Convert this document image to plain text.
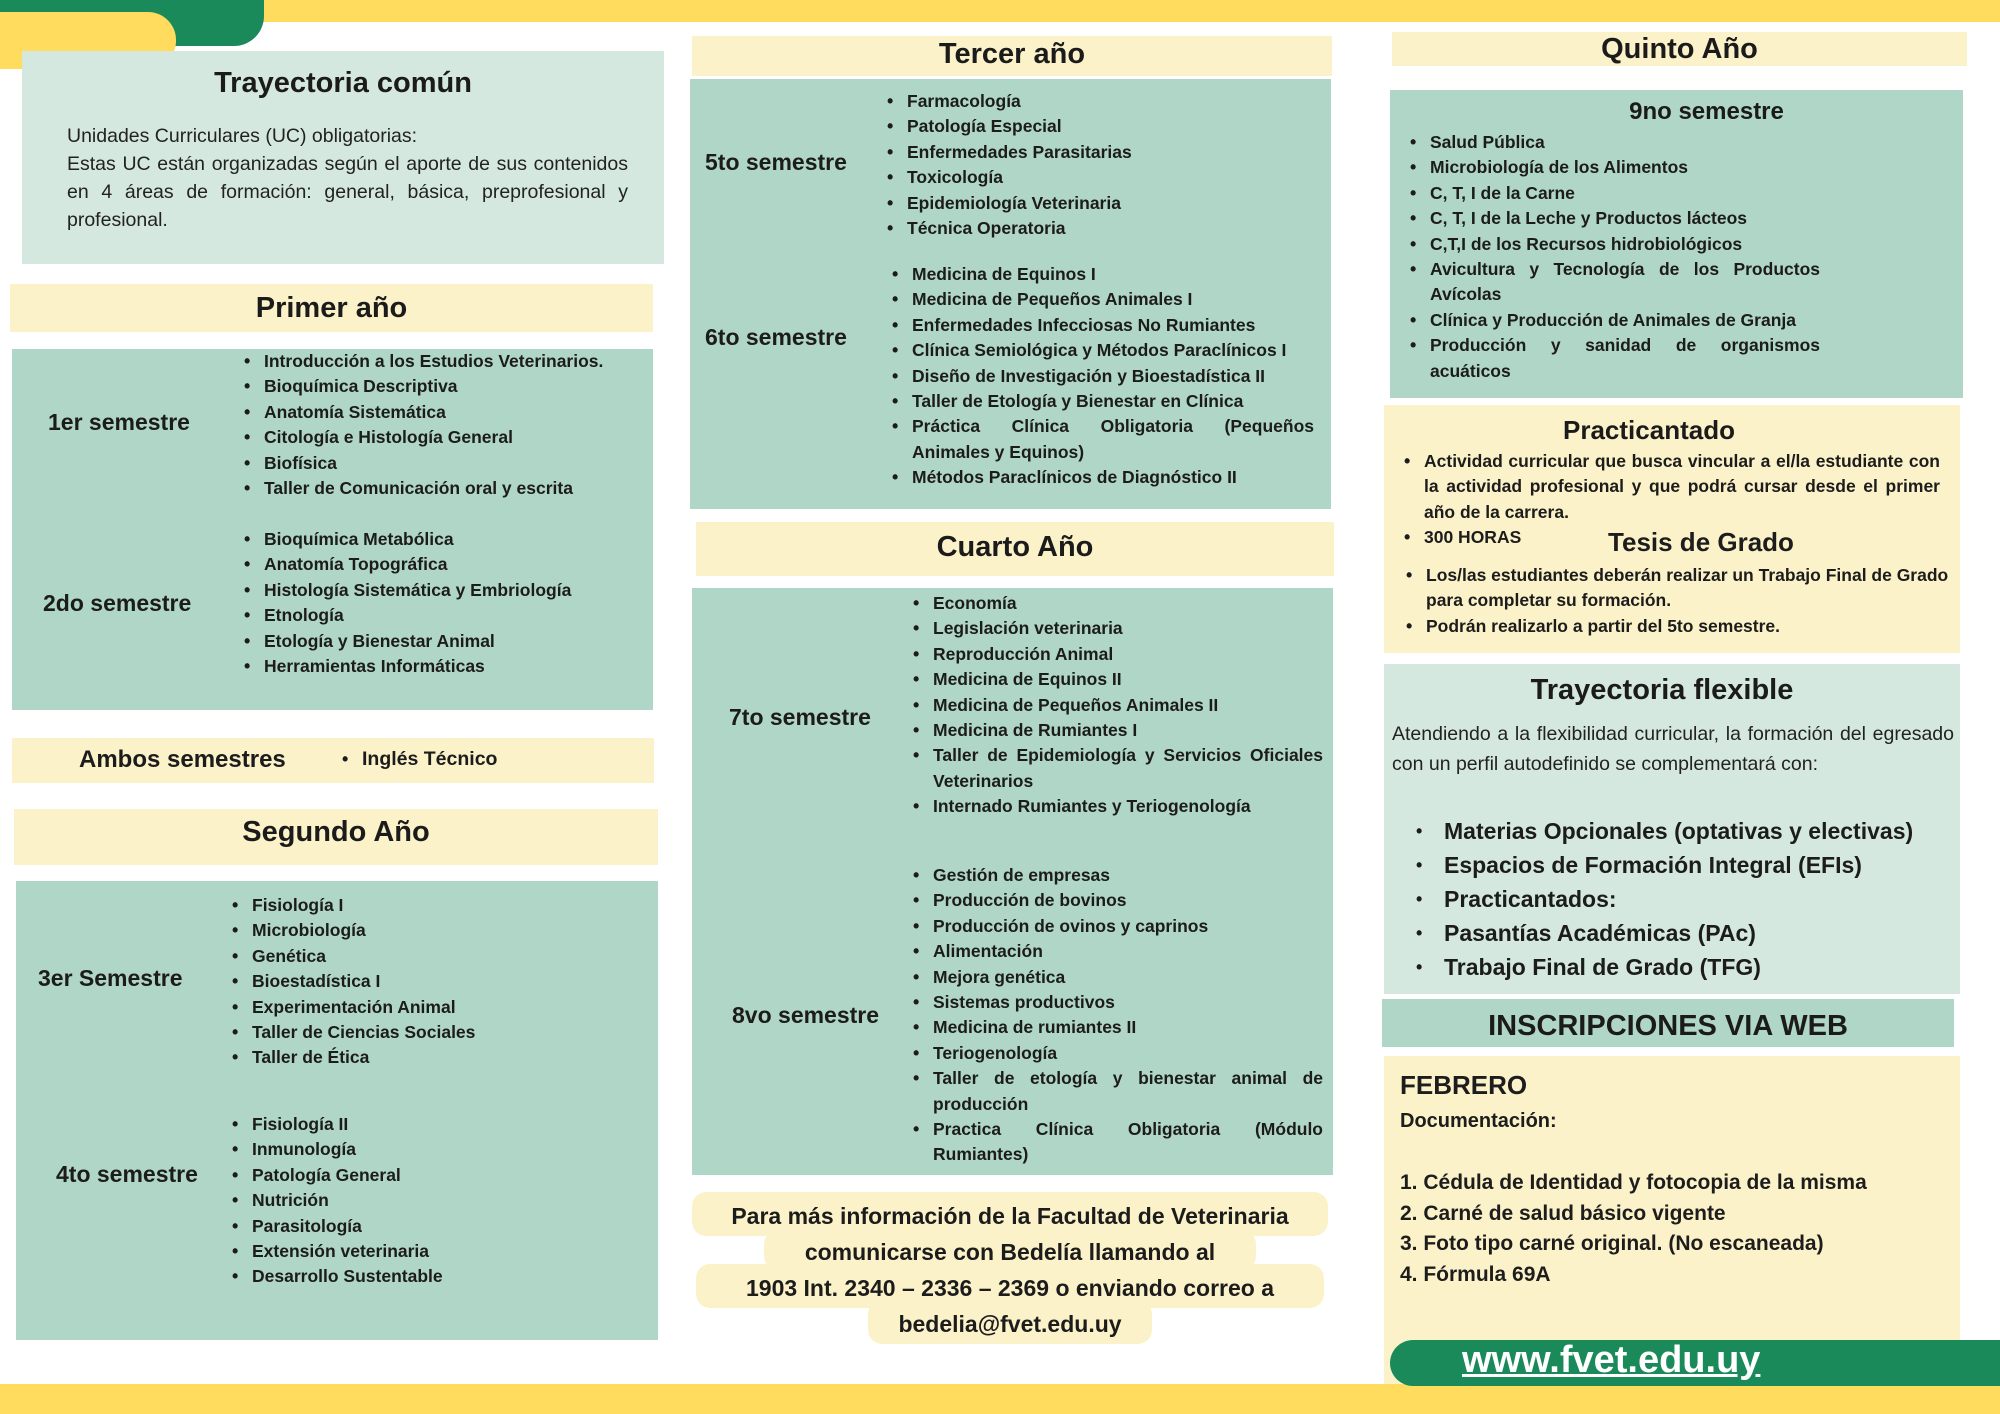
Trayectoria común
Unidades Curriculares (UC) obligatorias:
Estas UC están organizadas según el aporte de sus contenidos en 4 áreas de formación: general, básica, preprofesional y profesional.
Primer año
1er semestre
• Introducción a los Estudios Veterinarios.
• Bioquímica Descriptiva
• Anatomía Sistemática
• Citología e Histología General
• Biofísica
• Taller de Comunicación oral y escrita
2do semestre
• Bioquímica Metabólica
• Anatomía Topográfica
• Histología Sistemática y Embriología
• Etnología
• Etología y Bienestar Animal
• Herramientas Informáticas
Ambos semestres
•	Inglés Técnico
Segundo Año
3er Semestre
• Fisiología I
• Microbiología
• Genética
• Bioestadística I
• Experimentación Animal
• Taller de Ciencias Sociales
• Taller de Ética
4to semestre
• Fisiología II
• Inmunología
• Patología General
• Nutrición
• Parasitología
• Extensión veterinaria
• Desarrollo Sustentable
Tercer año
5to semestre
• Farmacología
• Patología Especial
• Enfermedades Parasitarias
• Toxicología
• Epidemiología Veterinaria
• Técnica Operatoria
6to semestre
• Medicina de Equinos I
• Medicina de Pequeños Animales I
• Enfermedades Infecciosas No Rumiantes
• Clínica Semiológica y Métodos Paraclínicos I
• Diseño de Investigación y Bioestadística II
• Taller de Etología y Bienestar en Clínica
• Práctica Clínica Obligatoria (Pequeños Animales y Equinos)
• Métodos Paraclínicos de Diagnóstico II
Cuarto Año
7to semestre
• Economía
• Legislación veterinaria
• Reproducción Animal
• Medicina de Equinos II
• Medicina de Pequeños Animales II
• Medicina de Rumiantes I
• Taller de Epidemiología y Servicios Oficiales Veterinarios
• Internado Rumiantes y Teriogenología
8vo semestre
• Gestión de empresas
• Producción de bovinos
• Producción de ovinos y caprinos
• Alimentación
• Mejora genética
• Sistemas productivos
• Medicina de rumiantes II
• Teriogenología
• Taller de etología y bienestar animal de producción
• Practica Clínica Obligatoria (Módulo Rumiantes)
Para más información de la Facultad de Veterinaria
comunicarse con Bedelía llamando al
1903 Int. 2340 – 2336 – 2369 o enviando correo a
bedelia@fvet.edu.uy
Quinto Año
9no semestre
• Salud Pública
• Microbiología de los Alimentos
• C, T, I de la Carne
• C, T, I de la Leche y Productos lácteos
• C,T,I de los Recursos hidrobiológicos
• Avicultura y Tecnología de los Productos Avícolas
• Clínica y Producción de Animales de Granja
• Producción y sanidad de organismos acuáticos
Practicantado
• Actividad curricular que busca vincular a el/la estudiante con la actividad profesional y que podrá cursar desde el primer año de la carrera.
• 300 HORAS	Tesis de Grado
• Los/las estudiantes deberán realizar un Trabajo Final de Grado para completar su formación.
• Podrán realizarlo a partir del 5to semestre.
Trayectoria flexible
Atendiendo a la flexibilidad curricular, la formación del egresado con un perfil autodefinido se complementará con:
• Materias Opcionales (optativas y electivas)
• Espacios de Formación Integral (EFIs)
• Practicantados:
• Pasantías Académicas (PAc)
• Trabajo Final de Grado (TFG)
INSCRIPCIONES VIA WEB
FEBRERO
Documentación:
1. Cédula de Identidad y fotocopia de la misma
2. Carné de salud básico vigente
3. Foto tipo carné original. (No escaneada)
4. Fórmula 69A
www.fvet.edu.uy
